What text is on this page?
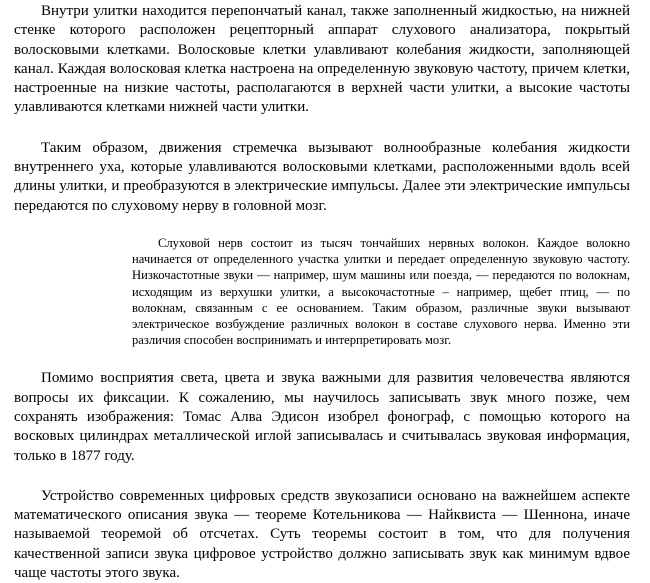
Внутри улитки находится перепончатый канал, также заполненный жидкостью, на нижней стенке которого расположен рецепторный аппарат слухового анализатора, покрытый волосковыми клетками. Волосковые клетки улавливают колебания жидкости, заполняющей канал. Каждая волосковая клетка настроена на определенную звуковую частоту, причем клетки, настроенные на низкие частоты, располагаются в верхней части улитки, а высокие частоты улавливаются клетками нижней части улитки.

Таким образом, движения стремечка вызывают волнообразные колебания жидкости внутреннего уха, которые улавливаются волосковыми клетками, расположенными вдоль всей длины улитки, и преобразуются в электрические импульсы. Далее эти электрические импульсы передаются по слуховому нерву в головной мозг.

Слуховой нерв состоит из тысяч тончайших нервных волокон. Каждое волокно начинается от определенного участка улитки и передает определенную звуковую частоту. Низкочастотные звуки — например, шум машины или поезда, — передаются по волокнам, исходящим из верхушки улитки, а высокочастотные – например, щебет птиц, — по волокнам, связанным с ее основанием. Таким образом, различные звуки вызывают электрическое возбуждение различных волокон в составе слухового нерва. Именно эти различия способен воспринимать и интерпретировать мозг.

Помимо восприятия света, цвета и звука важными для развития человечества являются вопросы их фиксации. К сожалению, мы научилось записывать звук много позже, чем сохранять изображения: Томас Алва Эдисон изобрел фонограф, с помощью которого на восковых цилиндрах металлической иглой записывалась и считывалась звуковая информация, только в 1877 году.

Устройство современных цифровых средств звукозаписи основано на важнейшем аспекте математического описания звука — теореме Котельникова — Найквиста — Шеннона, иначе называемой теоремой об отсчетах. Суть теоремы состоит в том, что для получения качественной записи звука цифровое устройство должно записывать звук как минимум вдвое чаще частоты этого звука.
